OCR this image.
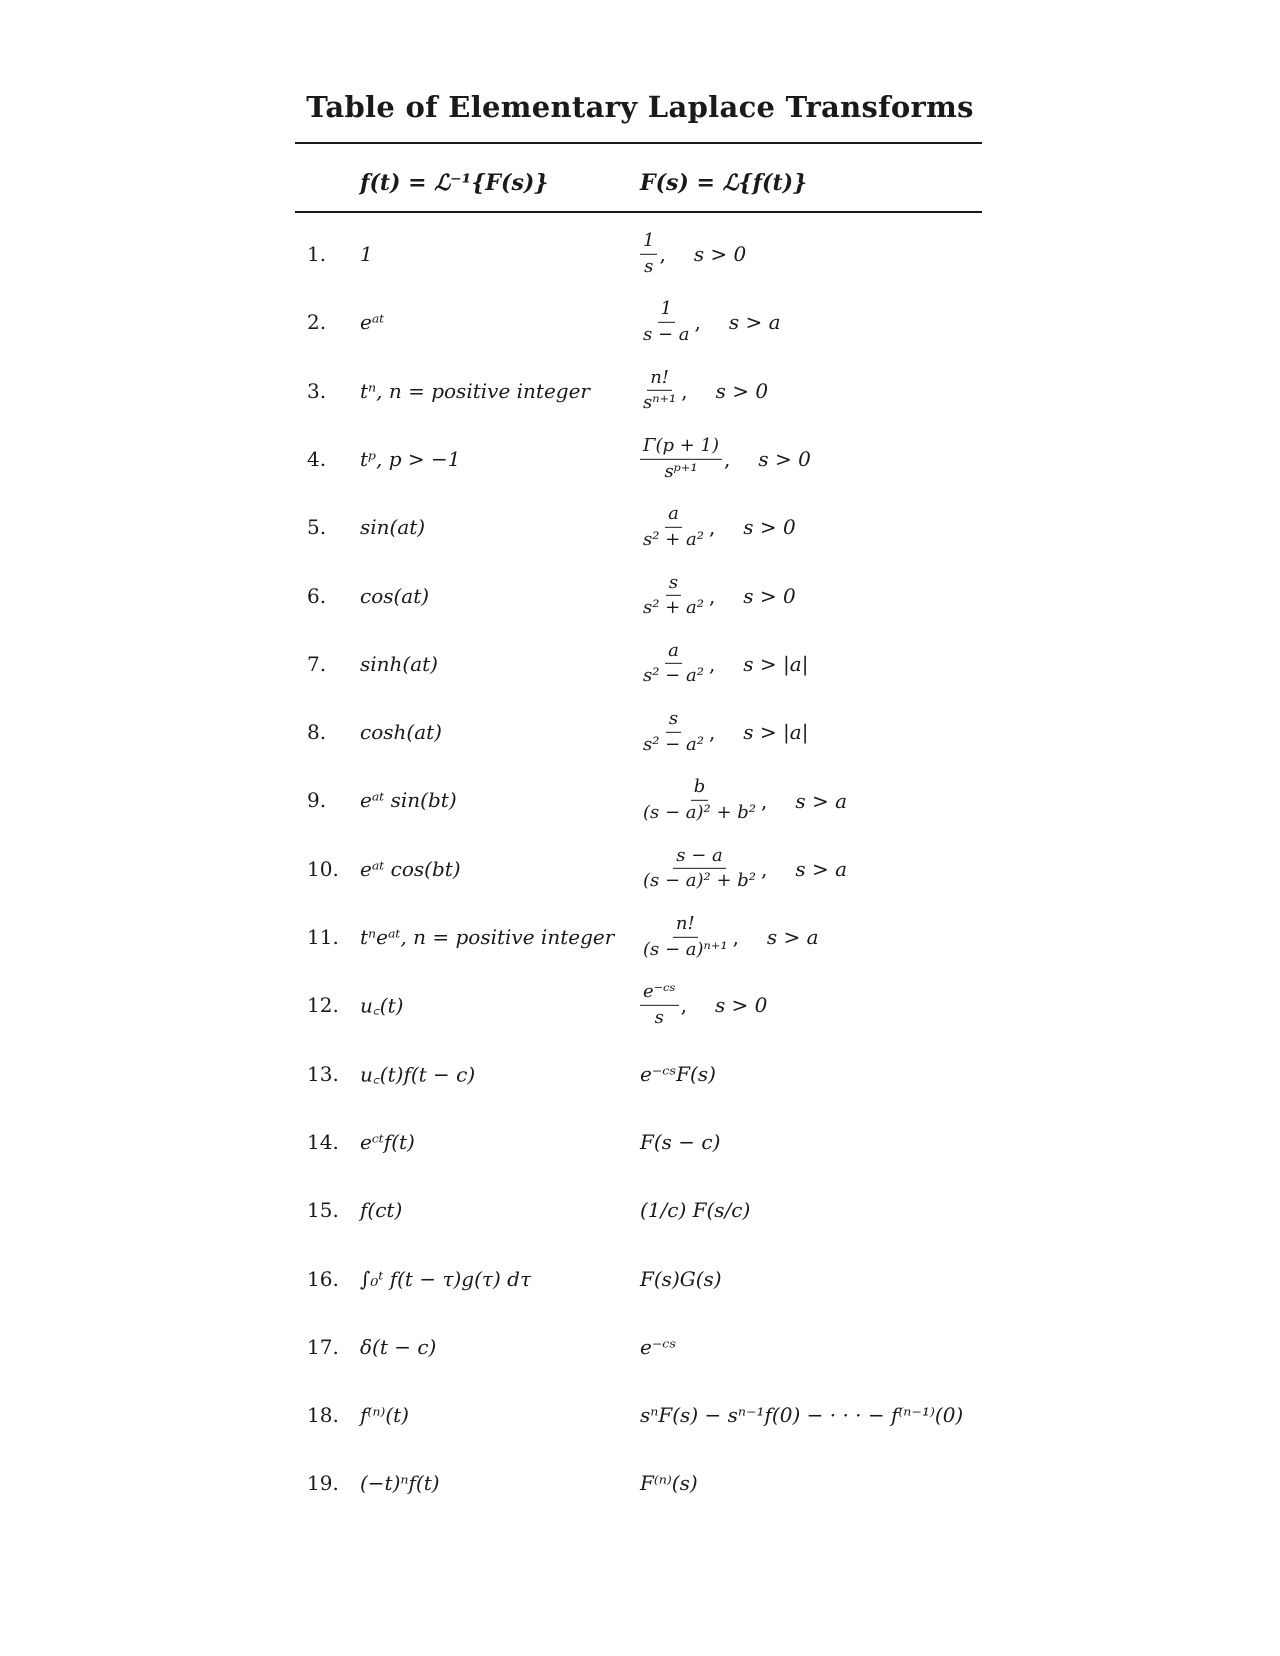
Table of Elementary Laplace Transforms
f(t) = ℒ⁻¹{F(s)}	F(s) = ℒ{f(t)}
1. 1	$\frac{1}{s}$ , s > 0
2. eᵃᵗ	$\frac{1}{s - a}$ , s > a
3. tⁿ, n = positive integer	$\frac{n!}{\text{sⁿ⁺¹}}$ , s > 0
4. tᵖ, p > −1	$\frac{\Gamma(p + 1)}{\text{sᵖ⁺¹}}$ , s > 0
5. sin(at)	$\frac{a}{\text{s² + a²}}$ , s > 0
6. cos(at)	$\frac{s}{\text{s² + a²}}$ , s > 0
7. sinh(at)	$\frac{a}{\text{s² − a²}}$ , s > |a|
8. cosh(at)	$\frac{s}{\text{s² − a²}}$ , s > |a|
9. eᵃᵗ sin(bt)	$\frac{b}{\text{(s − a)² + b²}}$ , s > a
10. eᵃᵗ cos(bt)	$\frac{s - a}{\text{(s − a)² + b²}}$ , s > a
11. tⁿeᵃᵗ, n = positive integer $\frac{n!}{\text{(s − a)ⁿ⁺¹}}$ , s > a
12. u꜀(t)	$\frac{\text{e⁻ᶜˢ}}{s}$ , s > 0
13. u꜀(t)f(t − c)	e⁻ᶜˢF(s)
14. eᶜᵗf(t)	F(s − c)
15. f(ct)	(1/c) F(s/c)
16. ∫₀ᵗ f(t − τ)g(τ) dτ	F(s)G(s)
17. δ(t − c)	e⁻ᶜˢ
18. f⁽ⁿ⁾(t)	sⁿF(s) − sⁿ⁻¹f(0) − · · · − f⁽ⁿ⁻¹⁾(0)
19. (−t)ⁿf(t)	F⁽ⁿ⁾(s)
